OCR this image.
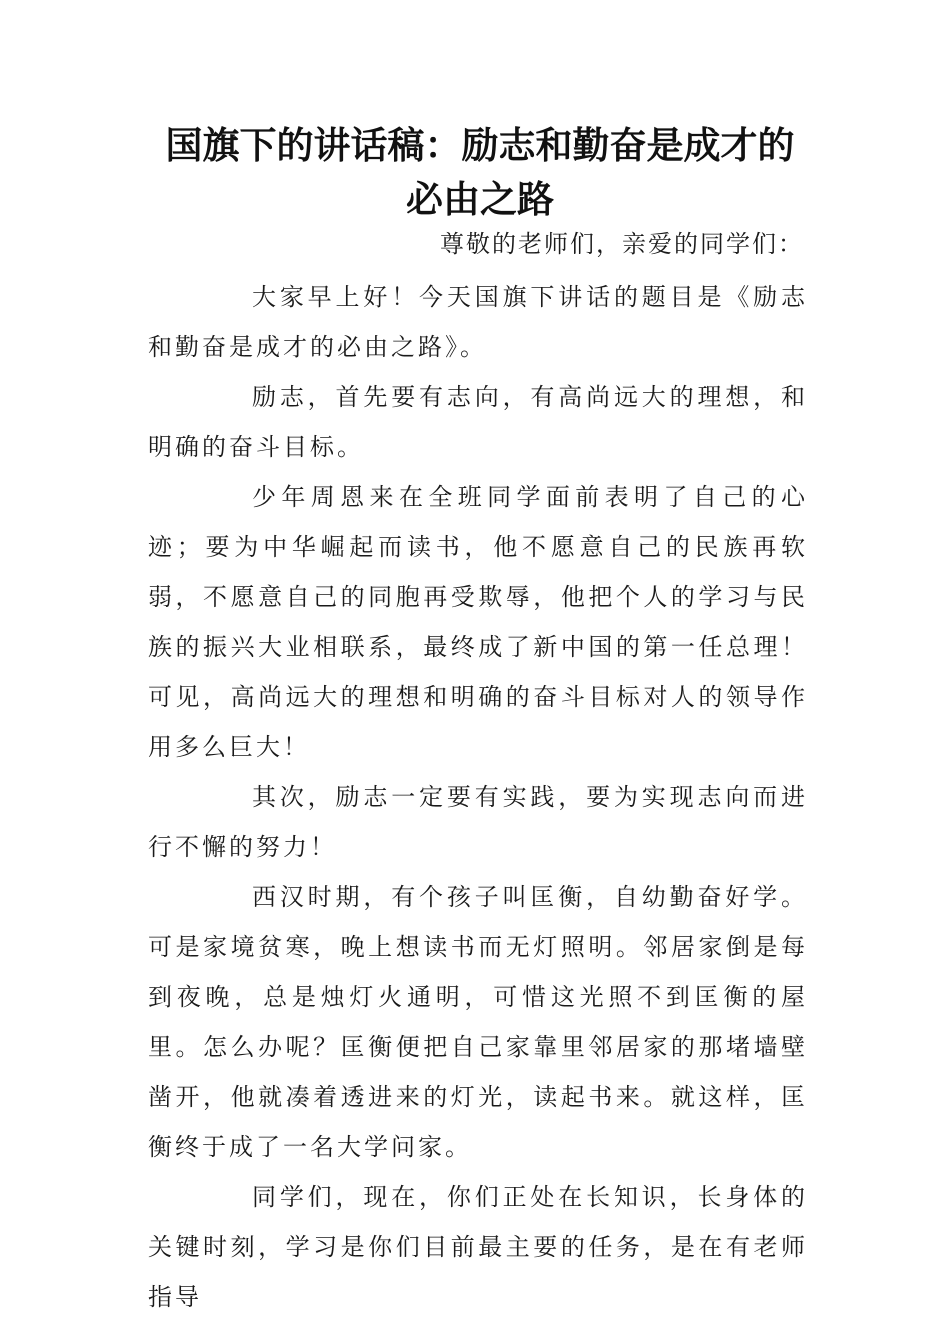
国旗下的讲话稿：励志和勤奋是成才的必由之路

尊敬的老师们，亲爱的同学们：

大家早上好！今天国旗下讲话的题目是《励志和勤奋是成才的必由之路》。

励志，首先要有志向，有高尚远大的理想，和明确的奋斗目标。

少年周恩来在全班同学面前表明了自己的心迹；要为中华崛起而读书，他不愿意自己的民族再软弱，不愿意自己的同胞再受欺辱，他把个人的学习与民族的振兴大业相联系，最终成了新中国的第一任总理！可见，高尚远大的理想和明确的奋斗目标对人的领导作用多么巨大！

其次，励志一定要有实践，要为实现志向而进行不懈的努力！

西汉时期，有个孩子叫匡衡，自幼勤奋好学。可是家境贫寒，晚上想读书而无灯照明。邻居家倒是每到夜晚，总是烛灯火通明，可惜这光照不到匡衡的屋里。怎么办呢？匡衡便把自己家靠里邻居家的那堵墙壁凿开，他就凑着透进来的灯光，读起书来。就这样，匡衡终于成了一名大学问家。

同学们，现在，你们正处在长知识，长身体的关键时刻，学习是你们目前最主要的任务，是在有老师指导
